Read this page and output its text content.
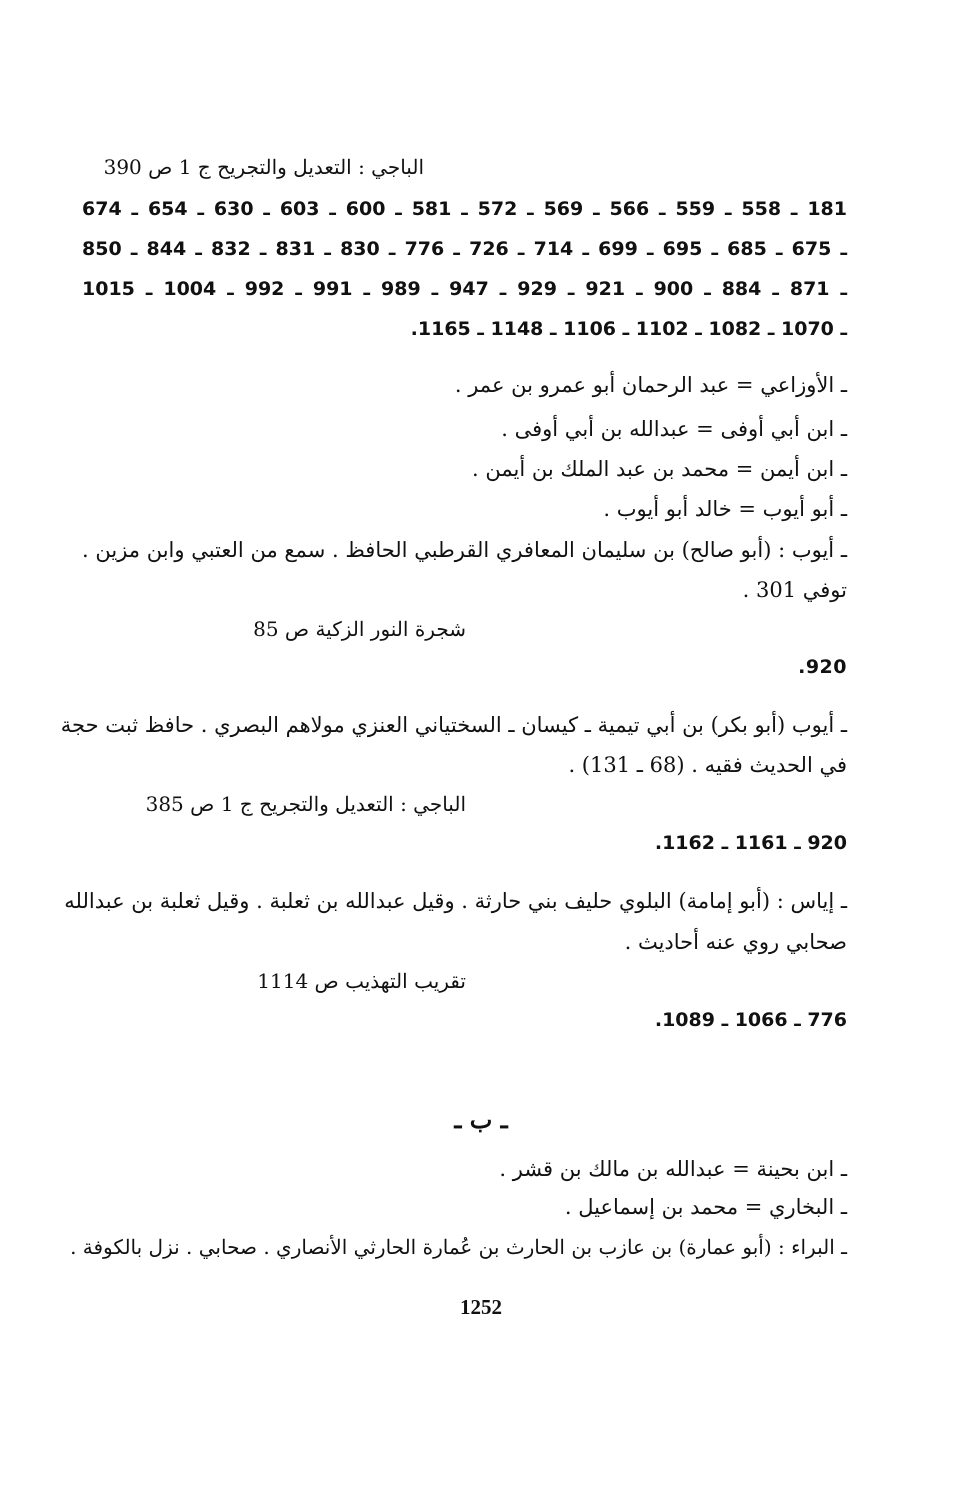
الباجي : التعديل والتجريح ج 1 ص 390
181 ـ 558 ـ 559 ـ 566 ـ 569 ـ 572 ـ 581 ـ 600 ـ 603 ـ 630 ـ 654 ـ 674
ـ 675 ـ 685 ـ 695 ـ 699 ـ 714 ـ 726 ـ 776 ـ 830 ـ 831 ـ 832 ـ 844 ـ 850
ـ 871 ـ 884 ـ 900 ـ 921 ـ 929 ـ 947 ـ 989 ـ 991 ـ 992 ـ 1004 ـ 1015
ـ 1070 ـ 1082 ـ 1102 ـ 1106 ـ 1148 ـ 1165.
ـ الأوزاعي = عبد الرحمان أبو عمرو بن عمر .
ـ ابن أبي أوفى = عبدالله بن أبي أوفى .
ـ ابن أيمن = محمد بن عبد الملك بن أيمن .
ـ أبو أيوب = خالد أبو أيوب .
ـ أيوب : (أبو صالح) بن سليمان المعافري القرطبي الحافظ . سمع من العتبي وابن مزين .
توفي 301 .
شجرة النور الزكية ص 85
920.
ـ أيوب (أبو بكر) بن أبي تيمية ـ كيسان ـ السختياني العنزي مولاهم البصري . حافظ ثبت حجة
في الحديث فقيه . (68 ـ 131) .
الباجي : التعديل والتجريح ج 1 ص 385
920 ـ 1161 ـ 1162.
ـ إياس : (أبو إمامة) البلوي حليف بني حارثة . وقيل عبدالله بن ثعلبة . وقيل ثعلبة بن عبدالله
صحابي روي عنه أحاديث .
تقريب التهذيب ص 1114
776 ـ 1066 ـ 1089.
ـ ب ـ
ـ ابن بحينة = عبدالله بن مالك بن قشر .
ـ البخاري = محمد بن إسماعيل .
ـ البراء : (أبو عمارة) بن عازب بن الحارث بن عُمارة الحارثي الأنصاري . صحابي . نزل بالكوفة .
1252
